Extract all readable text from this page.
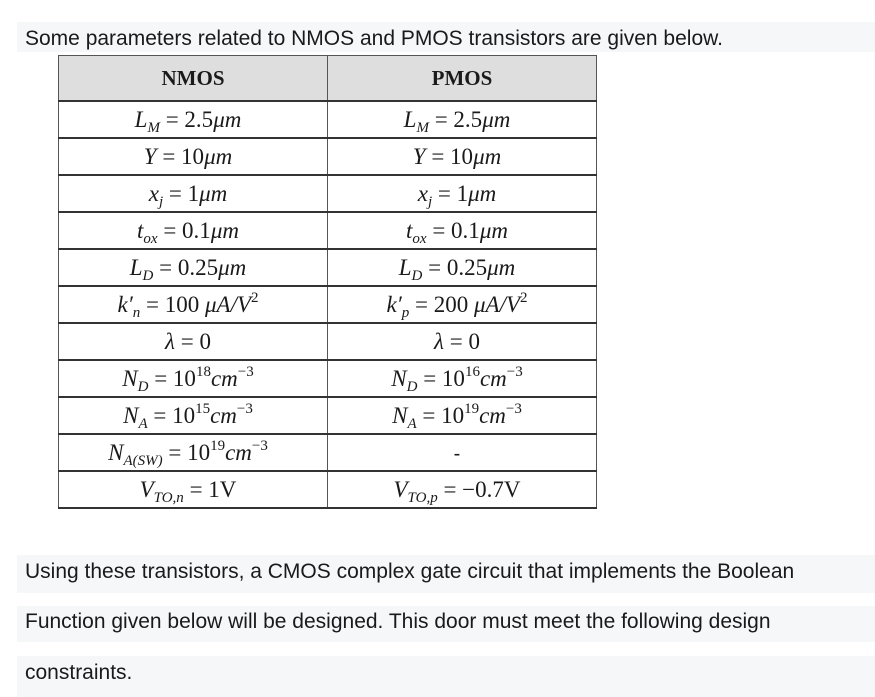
Some parameters related to NMOS and PMOS transistors are given below.
NMOS	PMOS
$L_M = 2.5\mu m$	$L_M = 2.5\mu m$
Y = 10μm	Y = 10μm
$x_j = 1\mu m$	$x_j = 1\mu m$
$t_{ox} = 0.1\mu m$	$t_{ox} = 0.1\mu m$
$L_D = 0.25\mu m$	$L_D = 0.25\mu m$
$k'_n = 100$ $\mu A/V^2$	$k'_p = 200$ $\mu A/V^2$
λ = 0	λ = 0
$N_D = 10^{18}cm^{-3}$	$N_D = 10^{16}cm^{-3}$
$N_A = 10^{15}cm^{-3}$	$N_A = 10^{19}cm^{-3}$
$N_{A(SW)} = 10^{19}cm^{-3}$	-
$V_{TO,n} = 1V$	$V_{TO,p} = -0.7V$
Using these transistors, a CMOS complex gate circuit that implements the Boolean
Function given below will be designed. This door must meet the following design
constraints.
